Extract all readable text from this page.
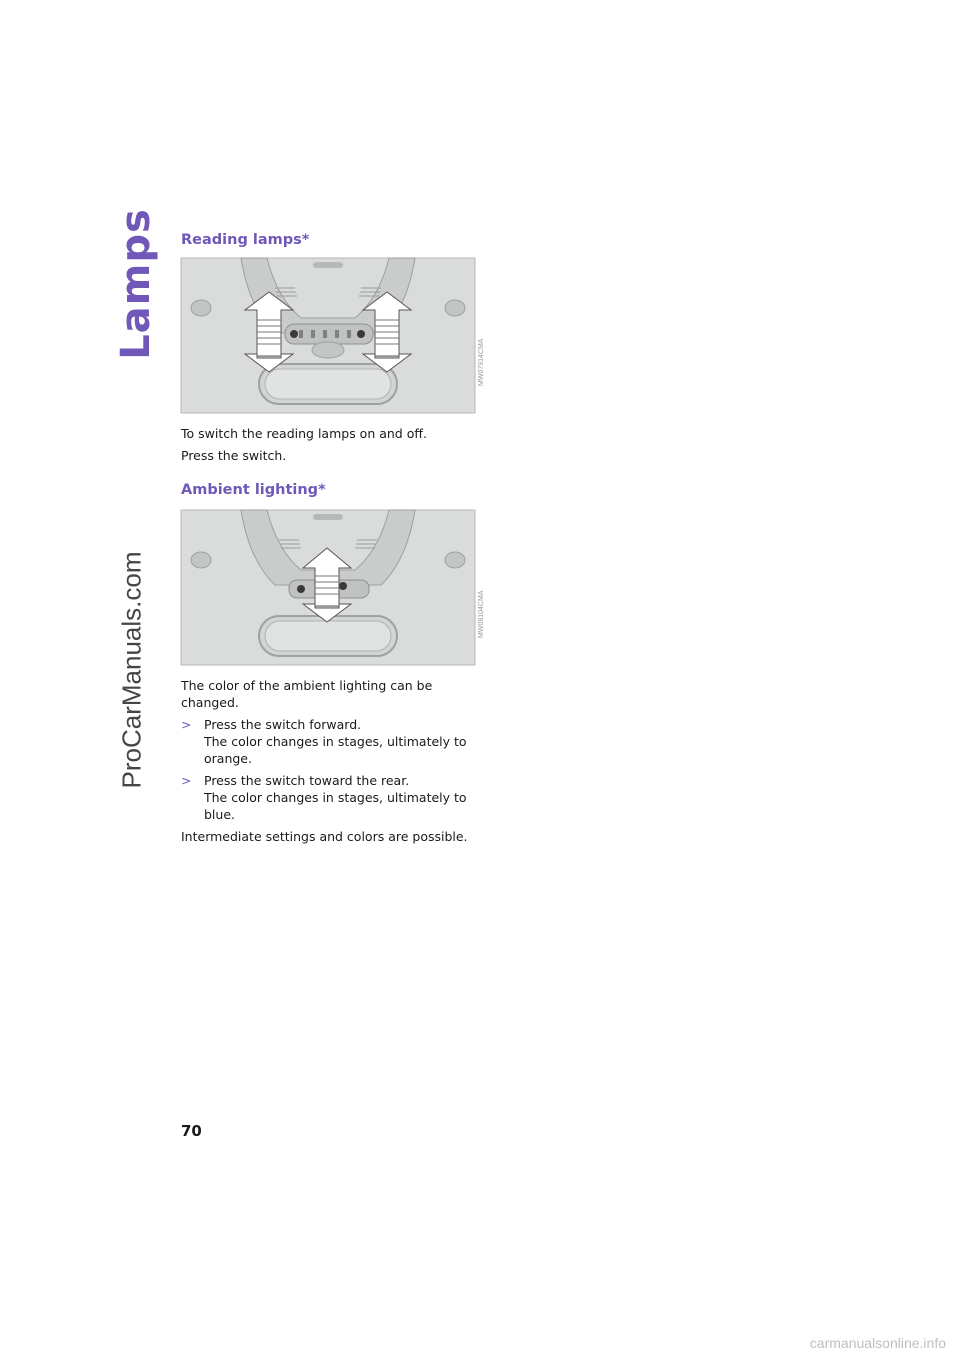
Lamps
ProCarManuals.com
Reading lamps*
MW07914CMA

To switch the reading lamps on and off.

Press the switch.

Ambient lighting*
MW08104CMA

The color of the ambient lighting can be changed.

> Press the switch forward.
The color changes in stages, ultimately to orange.
> Press the switch toward the rear.
The color changes in stages, ultimately to blue.

Intermediate settings and colors are possible.

70
carmanualsonline.info
